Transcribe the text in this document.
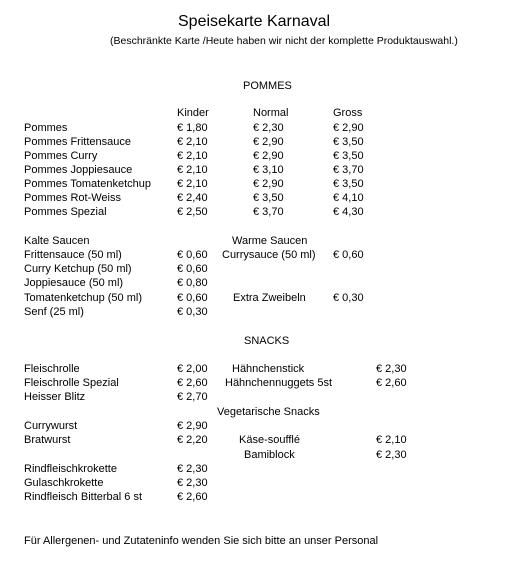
Speisekarte Karnaval
(Beschränkte Karte /Heute haben wir nicht der komplette Produktauswahl.)
POMMES
Kinder	Normal	Gross
Pommes	€ 1,80	€ 2,30	€ 2,90
Pommes Frittensauce	€ 2,10	€ 2,90	€ 3,50
Pommes Curry	€ 2,10	€ 2,90	€ 3,50
Pommes Joppiesauce	€ 2,10	€ 3,10	€ 3,70
Pommes Tomatenketchup € 2,10	€ 2,90	€ 3,50
Pommes Rot-Weiss	€ 2,40	€ 3,50	€ 4,10
Pommes Spezial	€ 2,50	€ 3,70	€ 4,30
Kalte Saucen
Frittensauce (50 ml)	€ 0,60
Curry Ketchup (50 ml)	€ 0,60
Joppiesauce (50 ml)	€ 0,80
Tomatenketchup (50 ml)	€ 0,60
Senf (25 ml)	€ 0,30
Warme Saucen
Currysauce (50 ml) € 0,60
Extra Zweibeln € 0,30
SNACKS
Fleischrolle	€ 2,00
Fleischrolle Spezial	€ 2,60
Heisser Blitz	€ 2,70
Currywurst	€ 2,90
Bratwurst	€ 2,20
Rindfleischkrokette	€ 2,30
Gulaschkrokette	€ 2,30
Rindfleisch Bitterbal 6 st	€ 2,60
Hähnchenstick	€ 2,30
Hähnchennuggets 5st	€ 2,60
Vegetarische Snacks
Käse-soufflé	€ 2,10
Bamiblock	€ 2,30
Für Allergenen- und Zutateninfo wenden Sie sich bitte an unser Personal
